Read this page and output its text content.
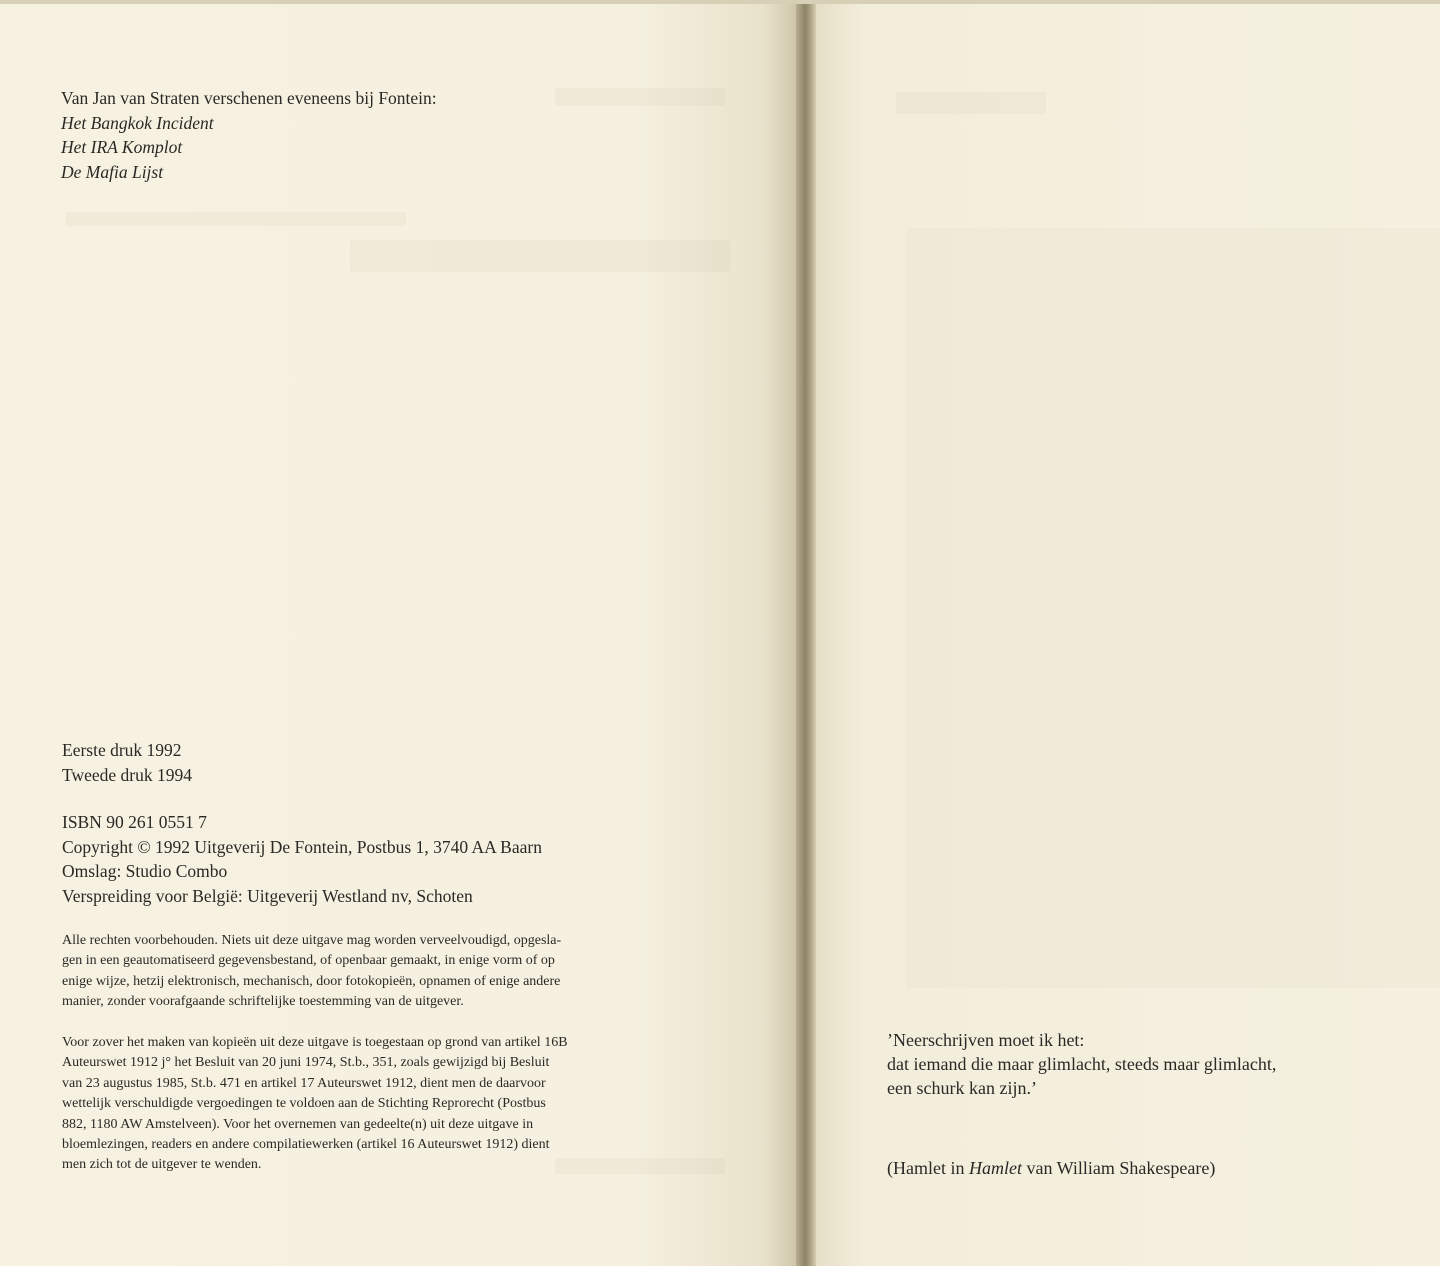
Van Jan van Straten verschenen eveneens bij Fontein:
Het Bangkok Incident
Het IRA Komplot
De Mafia Lijst
Eerste druk 1992
Tweede druk 1994
ISBN 90 261 0551 7
Copyright © 1992 Uitgeverij De Fontein, Postbus 1, 3740 AA Baarn
Omslag: Studio Combo
Verspreiding voor België: Uitgeverij Westland nv, Schoten
Alle rechten voorbehouden. Niets uit deze uitgave mag worden verveelvoudigd, opgesla-
gen in een geautomatiseerd gegevensbestand, of openbaar gemaakt, in enige vorm of op
enige wijze, hetzij elektronisch, mechanisch, door fotokopieën, opnamen of enige andere
manier, zonder voorafgaande schriftelijke toestemming van de uitgever.
Voor zover het maken van kopieën uit deze uitgave is toegestaan op grond van artikel 16B
Auteurswet 1912 j° het Besluit van 20 juni 1974, St.b., 351, zoals gewijzigd bij Besluit
van 23 augustus 1985, St.b. 471 en artikel 17 Auteurswet 1912, dient men de daarvoor
wettelijk verschuldigde vergoedingen te voldoen aan de Stichting Reprorecht (Postbus
882, 1180 AW Amstelveen). Voor het overnemen van gedeelte(n) uit deze uitgave in
bloemlezingen, readers en andere compilatiewerken (artikel 16 Auteurswet 1912) dient
men zich tot de uitgever te wenden.
’Neerschrijven moet ik het:
dat iemand die maar glimlacht, steeds maar glimlacht,
een schurk kan zijn.’
(Hamlet in Hamlet van William Shakespeare)
